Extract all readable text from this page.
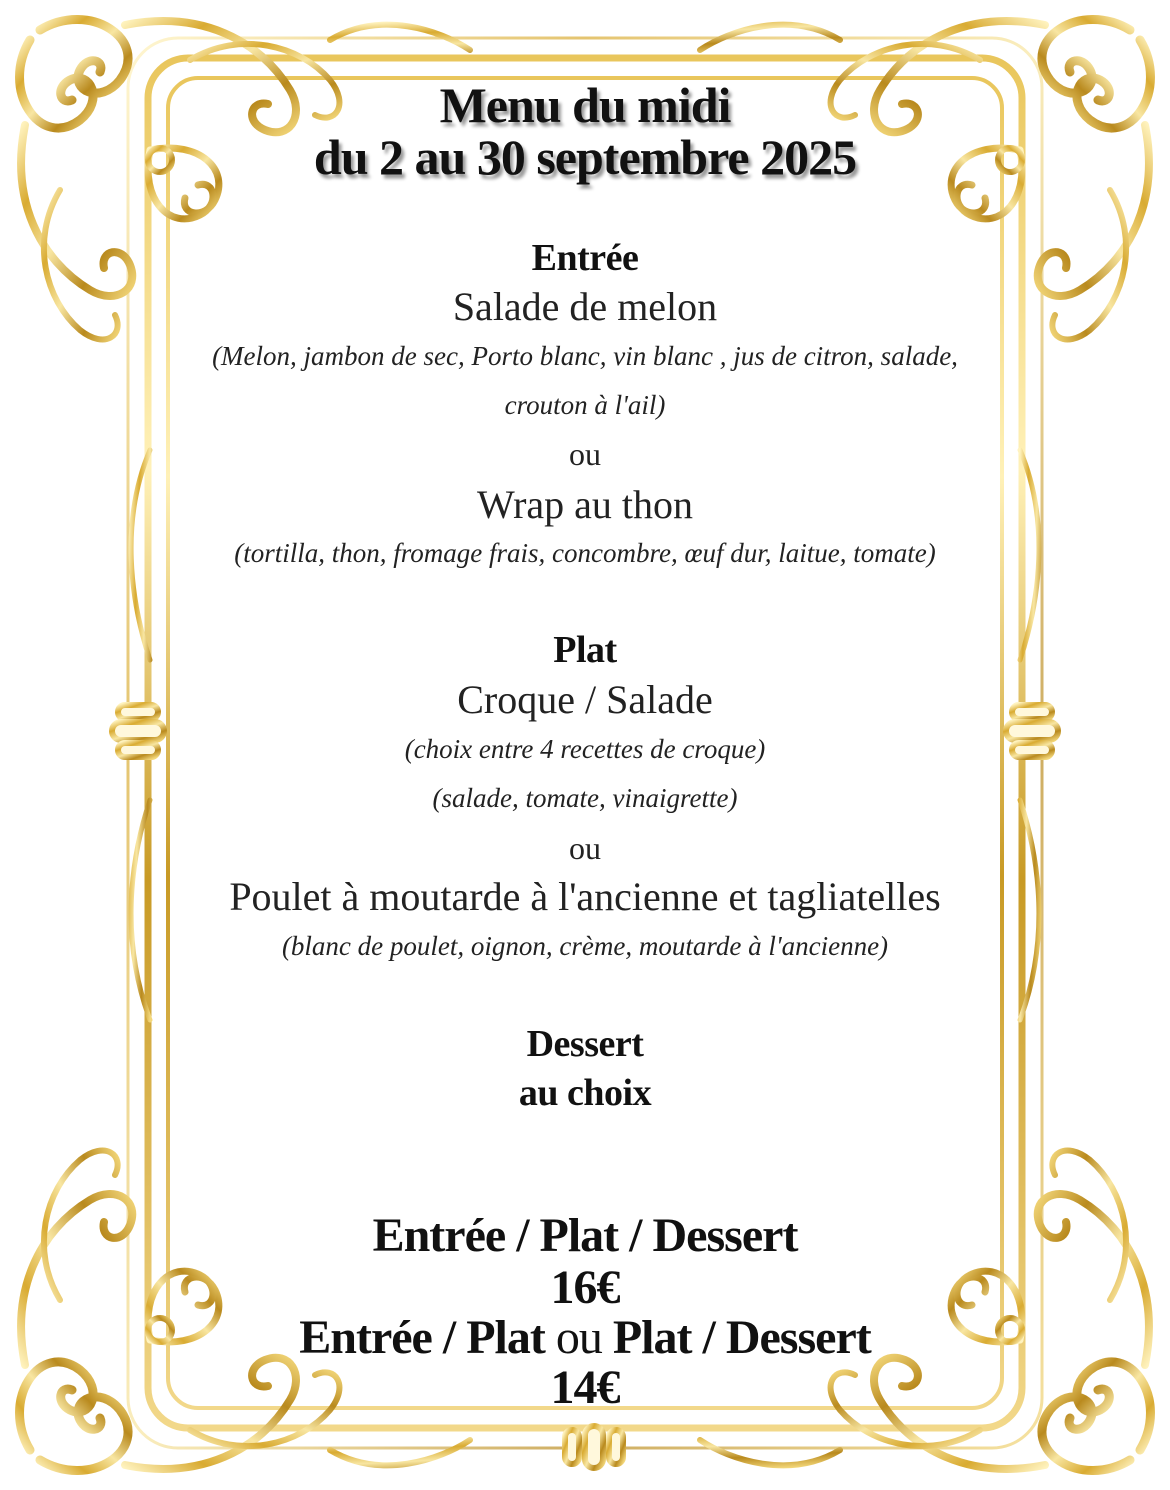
Menu du midi
du 2 au 30 septembre 2025
Entrée
Salade de melon
(Melon, jambon de sec, Porto blanc, vin blanc , jus de citron, salade,
crouton à l'ail)
ou
Wrap au thon
(tortilla, thon, fromage frais, concombre, œuf dur, laitue, tomate)
Plat
Croque / Salade
(choix entre 4 recettes de croque)
(salade, tomate, vinaigrette)
ou
Poulet à moutarde à l'ancienne et tagliatelles
(blanc de poulet, oignon, crème, moutarde à l'ancienne)
Dessert
au choix
Entrée / Plat / Dessert
16€
Entrée / Plat ou Plat / Dessert
14€
